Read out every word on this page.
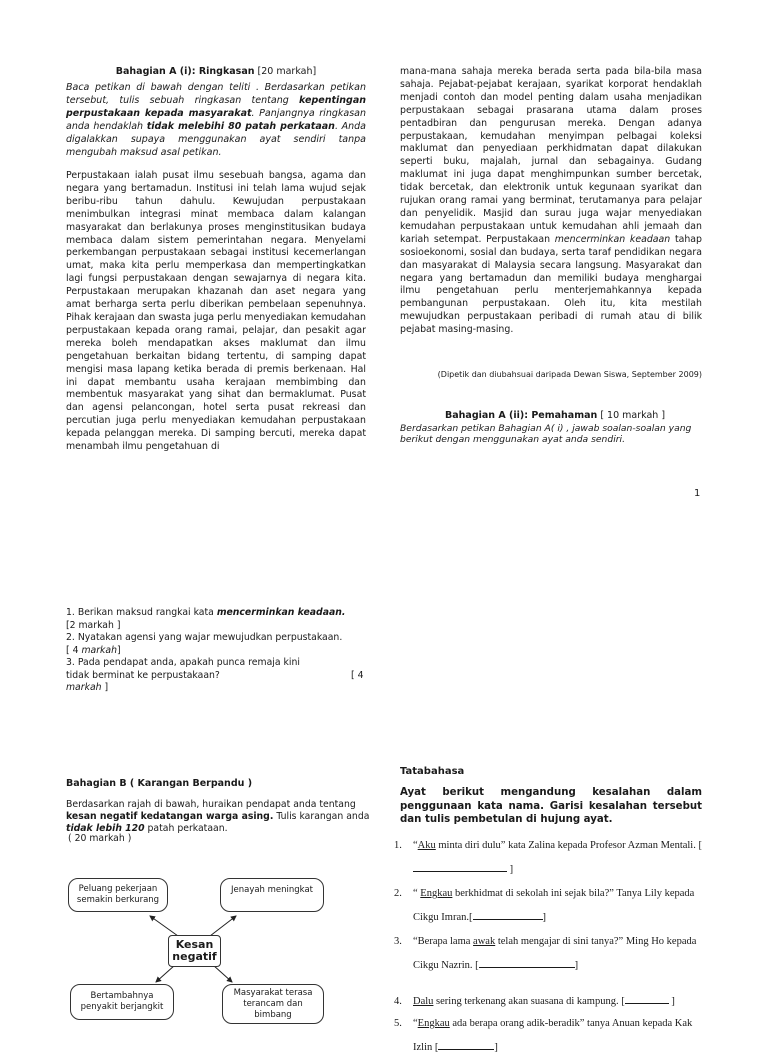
Bahagian A (i): Ringkasan [20 markah]
Baca petikan di bawah dengan teliti . Berdasarkan petikan tersebut, tulis sebuah ringkasan tentang kepentingan perpustakaan kepada masyarakat. Panjangnya ringkasan anda hendaklah tidak melebihi 80 patah perkataan. Anda digalakkan supaya menggunakan ayat sendiri tanpa mengubah maksud asal petikan.
Perpustakaan ialah pusat ilmu sesebuah bangsa, agama dan negara yang bertamadun. Institusi ini telah lama wujud sejak beribu-ribu tahun dahulu. Kewujudan perpustakaan menimbulkan integrasi minat membaca dalam kalangan masyarakat dan berlakunya proses menginstitusikan budaya membaca dalam sistem pemerintahan negara. Menyelami perkembangan perpustakaan sebagai institusi kecemerlangan umat, maka kita perlu memperkasa dan mempertingkatkan lagi fungsi perpustakaan dengan sewajarnya di negara kita. Perpustakaan merupakan khazanah dan aset negara yang amat berharga serta perlu diberikan pembelaan sepenuhnya. Pihak kerajaan dan swasta juga perlu menyediakan kemudahan perpustakaan kepada orang ramai, pelajar, dan pesakit agar mereka boleh mendapatkan akses maklumat dan ilmu pengetahuan berkaitan bidang tertentu, di samping dapat mengisi masa lapang ketika berada di premis berkenaan. Hal ini dapat membantu usaha kerajaan membimbing dan membentuk masyarakat yang sihat dan bermaklumat. Pusat dan agensi pelancongan, hotel serta pusat rekreasi dan percutian juga perlu menyediakan kemudahan perpustakaan kepada pelanggan mereka. Di samping bercuti, mereka dapat menambah ilmu pengetahuan di
mana-mana sahaja mereka berada serta pada bila-bila masa sahaja. Pejabat-pejabat kerajaan, syarikat korporat hendaklah menjadi contoh dan model penting dalam usaha menjadikan perpustakaan sebagai prasarana utama dalam proses pentadbiran dan pengurusan mereka. Dengan adanya perpustakaan, kemudahan menyimpan pelbagai koleksi maklumat dan penyediaan perkhidmatan dapat dilakukan seperti buku, majalah, jurnal dan sebagainya. Gudang maklumat ini juga dapat menghimpunkan sumber bercetak, tidak bercetak, dan elektronik untuk kegunaan syarikat dan rujukan orang ramai yang berminat, terutamanya para pelajar dan penyelidik. Masjid dan surau juga wajar menyediakan kemudahan perpustakaan untuk kemudahan ahli jemaah dan kariah setempat. Perpustakaan mencerminkan keadaan tahap sosioekonomi, sosial dan budaya, serta taraf pendidikan negara dan masyarakat di Malaysia secara langsung. Masyarakat dan negara yang bertamadun dan memiliki budaya menghargai ilmu pengetahuan perlu menterjemahkannya kepada pembangunan perpustakaan. Oleh itu, kita mestilah mewujudkan perpustakaan peribadi di rumah atau di bilik pejabat masing-masing.
(Dipetik dan diubahsuai daripada Dewan Siswa, September 2009)
Bahagian A (ii): Pemahaman [ 10 markah ]
Berdasarkan petikan Bahagian A( i) , jawab soalan-soalan yang berikut dengan menggunakan ayat anda sendiri.
1
1. Berikan maksud rangkai kata mencerminkan keadaan.
[2 markah ]
2. Nyatakan agensi yang wajar mewujudkan perpustakaan.
[ 4 markah]
3. Pada pendapat anda, apakah punca remaja kini tidak berminat ke perpustakaan?	[ 4
markah ]
Bahagian B ( Karangan Berpandu )
Berdasarkan rajah di bawah, huraikan pendapat anda tentang kesan negatif kedatangan warga asing. Tulis karangan anda tidak lebih 120 patah perkataan.
( 20 markah )
Peluang pekerjaan semakin berkurang
Jenayah meningkat
Kesan negatif
Bertambahnya penyakit berjangkit
Masyarakat terasa terancam dan bimbang
Tatabahasa
Ayat berikut mengandung kesalahan dalam penggunaan kata nama. Garisi kesalahan tersebut dan tulis pembetulan di hujung ayat.
1. “Aku minta diri dulu” kata Zalina kepada Profesor Azman Mentali. [ ]
2. “ Engkau berkhidmat di sekolah ini sejak bila?” Tanya Lily kepada Cikgu Imran.[	]
3. “Berapa lama awak telah mengajar di sini tanya?” Ming Ho kepada Cikgu Nazrin. [	]
4. Dalu sering terkenang akan suasana di kampung. [	]
5. “Engkau ada berapa orang adik-beradik” tanya Anuan kepada Kak Izlin [	]
